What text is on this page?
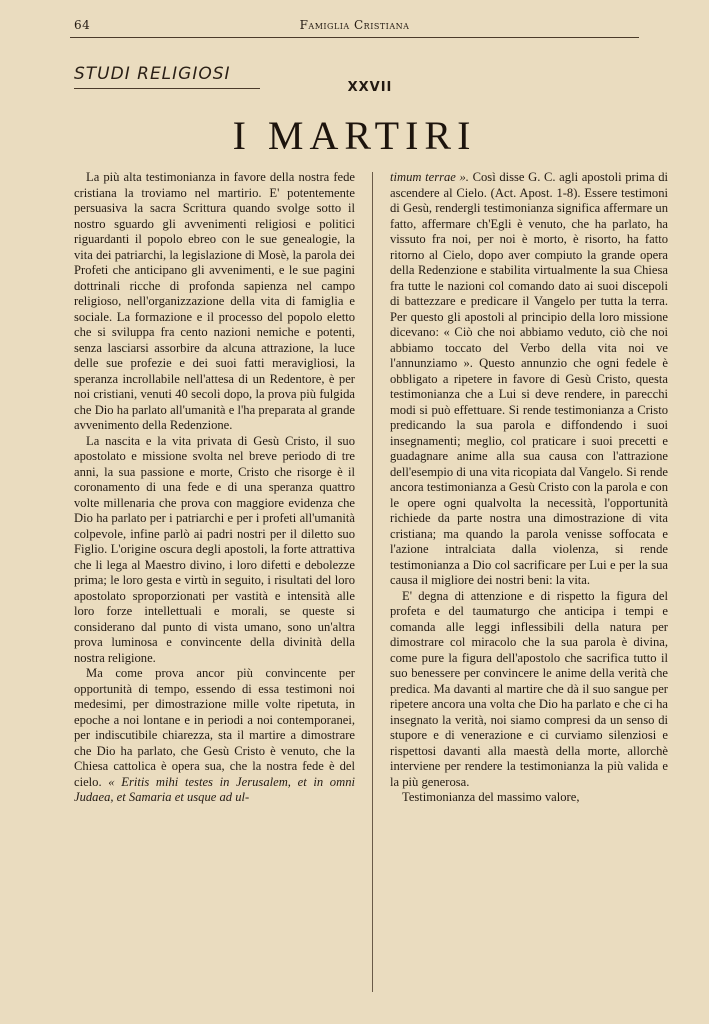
64	Famiglia Cristiana
STUDI RELIGIOSI
XXVII
I MARTIRI

La più alta testimonianza in favore della nostra fede cristiana la troviamo nel martirio. E' potentemente persuasiva la sacra Scrittura quando svolge sotto il nostro sguardo gli avvenimenti religiosi e politici riguardanti il popolo ebreo con le sue genealogie, la vita dei patriarchi, la legislazione di Mosè, la parola dei Profeti che anticipano gli avvenimenti, e le sue pagini dottrinali ricche di profonda sapienza nel campo religioso, nell'organizzazione della vita di famiglia e sociale. La formazione e il processo del popolo eletto che si sviluppa fra cento nazioni nemiche e potenti, senza lasciarsi assorbire da alcuna attrazione, la luce delle sue profezie e dei suoi fatti meravigliosi, la speranza incrollabile nell'attesa di un Redentore, è per noi cristiani, venuti 40 secoli dopo, la prova più fulgida che Dio ha parlato all'umanità e l'ha preparata al grande avvenimento della Redenzione.

La nascita e la vita privata di Gesù Cristo, il suo apostolato e missione svolta nel breve periodo di tre anni, la sua passione e morte, Cristo che risorge è il coronamento di una fede e di una speranza quattro volte millenaria che prova con maggiore evidenza che Dio ha parlato per i patriarchi e per i profeti all'umanità colpevole, infine parlò ai padri nostri per il diletto suo Figlio. L'origine oscura degli apostoli, la forte attrattiva che li lega al Maestro divino, i loro difetti e debolezze prima; le loro gesta e virtù in seguito, i risultati del loro apostolato sproporzionati per vastità e intensità alle loro forze intellettuali e morali, se queste si considerano dal punto di vista umano, sono un'altra prova luminosa e convincente della divinità della nostra religione.

Ma come prova ancor più convincente per opportunità di tempo, essendo di essa testimoni noi medesimi, per dimostrazione mille volte ripetuta, in epoche a noi lontane e in periodi a noi contemporanei, per indiscutibile chiarezza, sta il martire a dimostrare che Dio ha parlato, che Gesù Cristo è venuto, che la Chiesa cattolica è opera sua, che la nostra fede è del cielo. « Eritis mihi testes in Jerusalem, et in omni Judaea, et Samaria et usque ad ul-

timum terrae ». Così disse G. C. agli apostoli prima di ascendere al Cielo. (Act. Apost. 1-8). Essere testimoni di Gesù, rendergli testimonianza significa affermare un fatto, affermare ch'Egli è venuto, che ha parlato, ha vissuto fra noi, per noi è morto, è risorto, ha fatto ritorno al Cielo, dopo aver compiuto la grande opera della Redenzione e stabilita virtualmente la sua Chiesa fra tutte le nazioni col comando dato ai suoi discepoli di battezzare e predicare il Vangelo per tutta la terra. Per questo gli apostoli al principio della loro missione dicevano: « Ciò che noi abbiamo veduto, ciò che noi abbiamo toccato del Verbo della vita noi ve l'annunziamo ». Questo annunzio che ogni fedele è obbligato a ripetere in favore di Gesù Cristo, questa testimonianza che a Lui si deve rendere, in parecchi modi si può effettuare. Si rende testimonianza a Cristo predicando la sua parola e diffondendo i suoi insegnamenti; meglio, col praticare i suoi precetti e guadagnare anime alla sua causa con l'attrazione dell'esempio di una vita ricopiata dal Vangelo. Si rende ancora testimonianza a Gesù Cristo con la parola e con le opere ogni qualvolta la necessità, l'opportunità richiede da parte nostra una dimostrazione di vita cristiana; ma quando la parola venisse soffocata e l'azione intralciata dalla violenza, si rende testimonianza a Dio col sacrificare per Lui e per la sua causa il migliore dei nostri beni: la vita.

E' degna di attenzione e di rispetto la figura del profeta e del taumaturgo che anticipa i tempi e comanda alle leggi inflessibili della natura per dimostrare col miracolo che la sua parola è divina, come pure la figura dell'apostolo che sacrifica tutto il suo benessere per convincere le anime della verità che predica. Ma davanti al martire che dà il suo sangue per ripetere ancora una volta che Dio ha parlato e che ci ha insegnato la verità, noi siamo compresi da un senso di stupore e di venerazione e ci curviamo silenziosi e rispettosi davanti alla maestà della morte, allorchè interviene per rendere la testimonianza la più valida e la più generosa.

Testimonianza del massimo valore,
